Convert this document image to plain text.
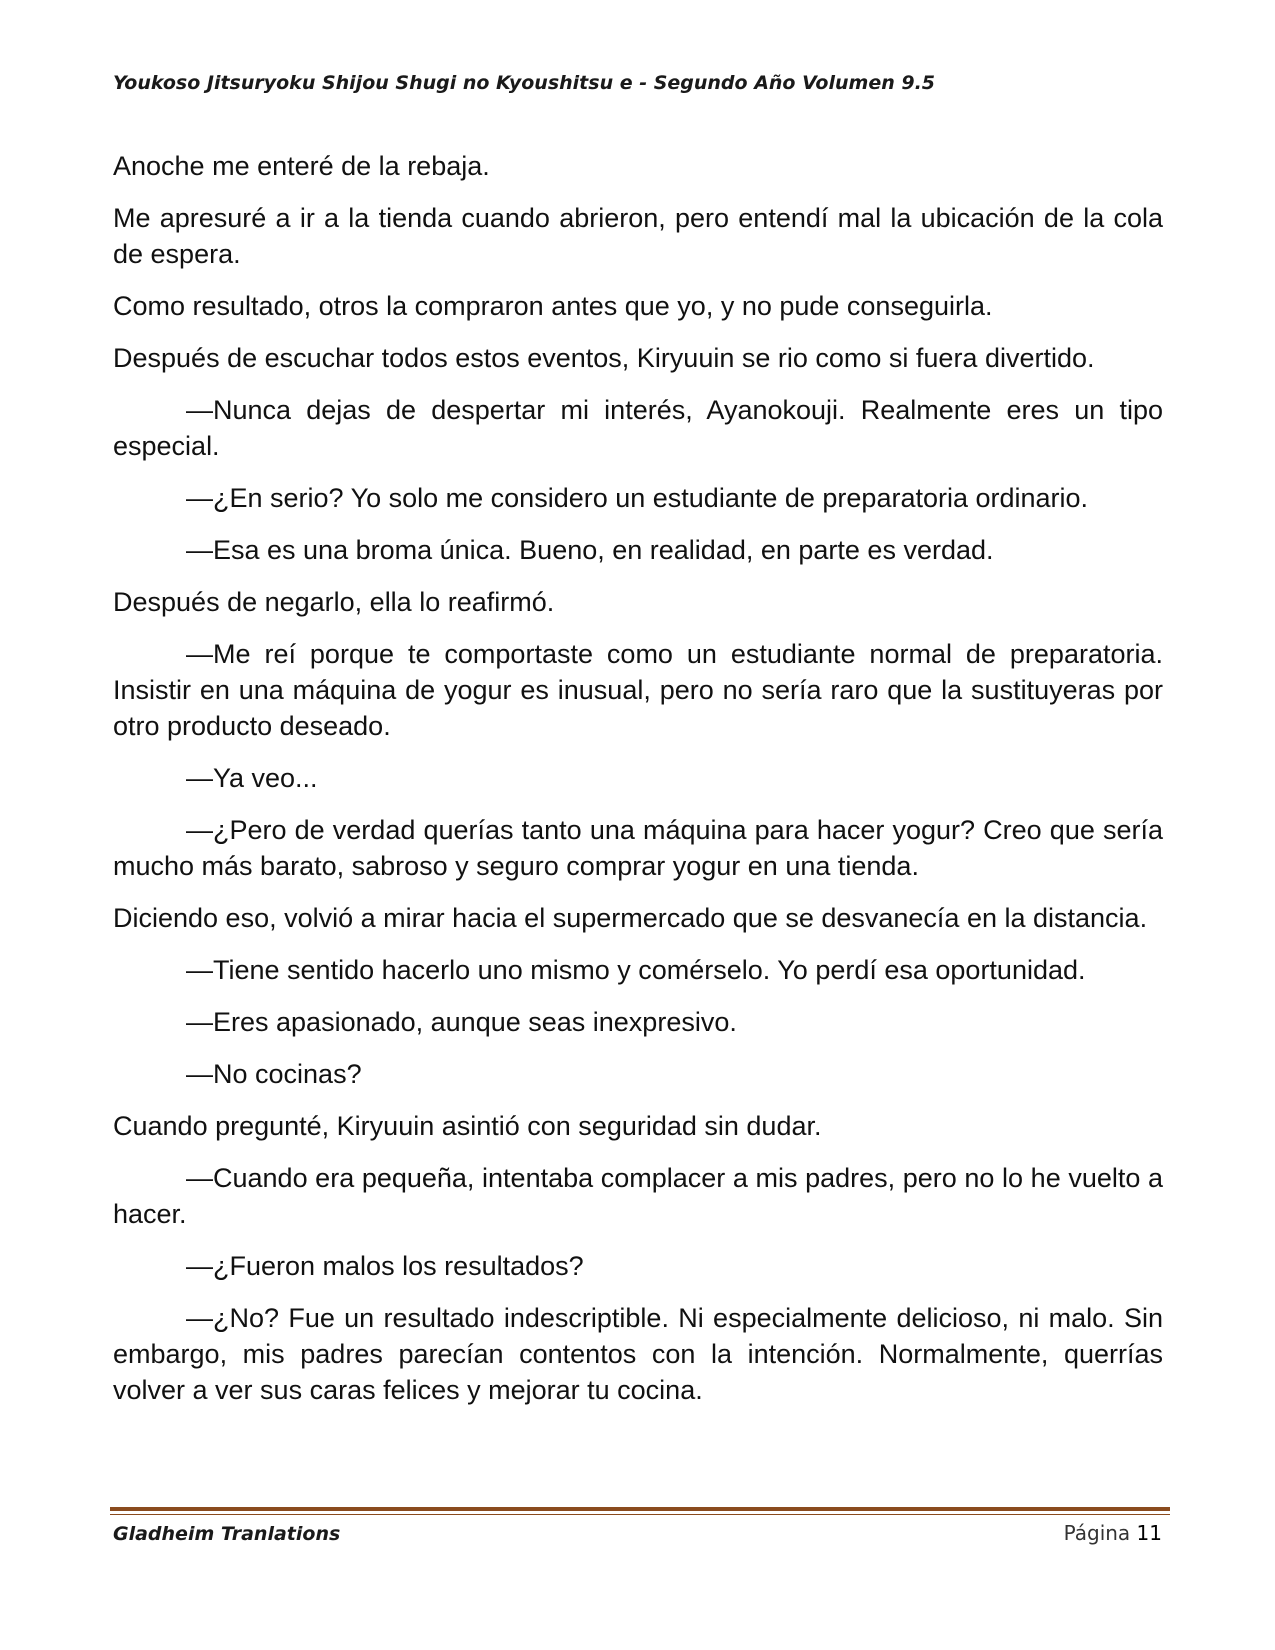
Youkoso Jitsuryoku Shijou Shugi no Kyoushitsu e - Segundo Año Volumen 9.5

Anoche me enteré de la rebaja.

Me apresuré a ir a la tienda cuando abrieron, pero entendí mal la ubicación de la cola de espera.

Como resultado, otros la compraron antes que yo, y no pude conseguirla.

Después de escuchar todos estos eventos, Kiryuuin se rio como si fuera divertido.

—Nunca dejas de despertar mi interés, Ayanokouji. Realmente eres un tipo especial.

—¿En serio? Yo solo me considero un estudiante de preparatoria ordinario.

—Esa es una broma única. Bueno, en realidad, en parte es verdad.

Después de negarlo, ella lo reafirmó.

—Me reí porque te comportaste como un estudiante normal de preparatoria. Insistir en una máquina de yogur es inusual, pero no sería raro que la sustituyeras por otro producto deseado.

—Ya veo...

—¿Pero de verdad querías tanto una máquina para hacer yogur? Creo que sería mucho más barato, sabroso y seguro comprar yogur en una tienda.

Diciendo eso, volvió a mirar hacia el supermercado que se desvanecía en la distancia.

—Tiene sentido hacerlo uno mismo y comérselo. Yo perdí esa oportunidad.

—Eres apasionado, aunque seas inexpresivo.

—No cocinas?

Cuando pregunté, Kiryuuin asintió con seguridad sin dudar.

—Cuando era pequeña, intentaba complacer a mis padres, pero no lo he vuelto a hacer.

—¿Fueron malos los resultados?

—¿No? Fue un resultado indescriptible. Ni especialmente delicioso, ni malo. Sin embargo, mis padres parecían contentos con la intención. Normalmente, querrías volver a ver sus caras felices y mejorar tu cocina.

Gladheim Tranlations	Página 11
